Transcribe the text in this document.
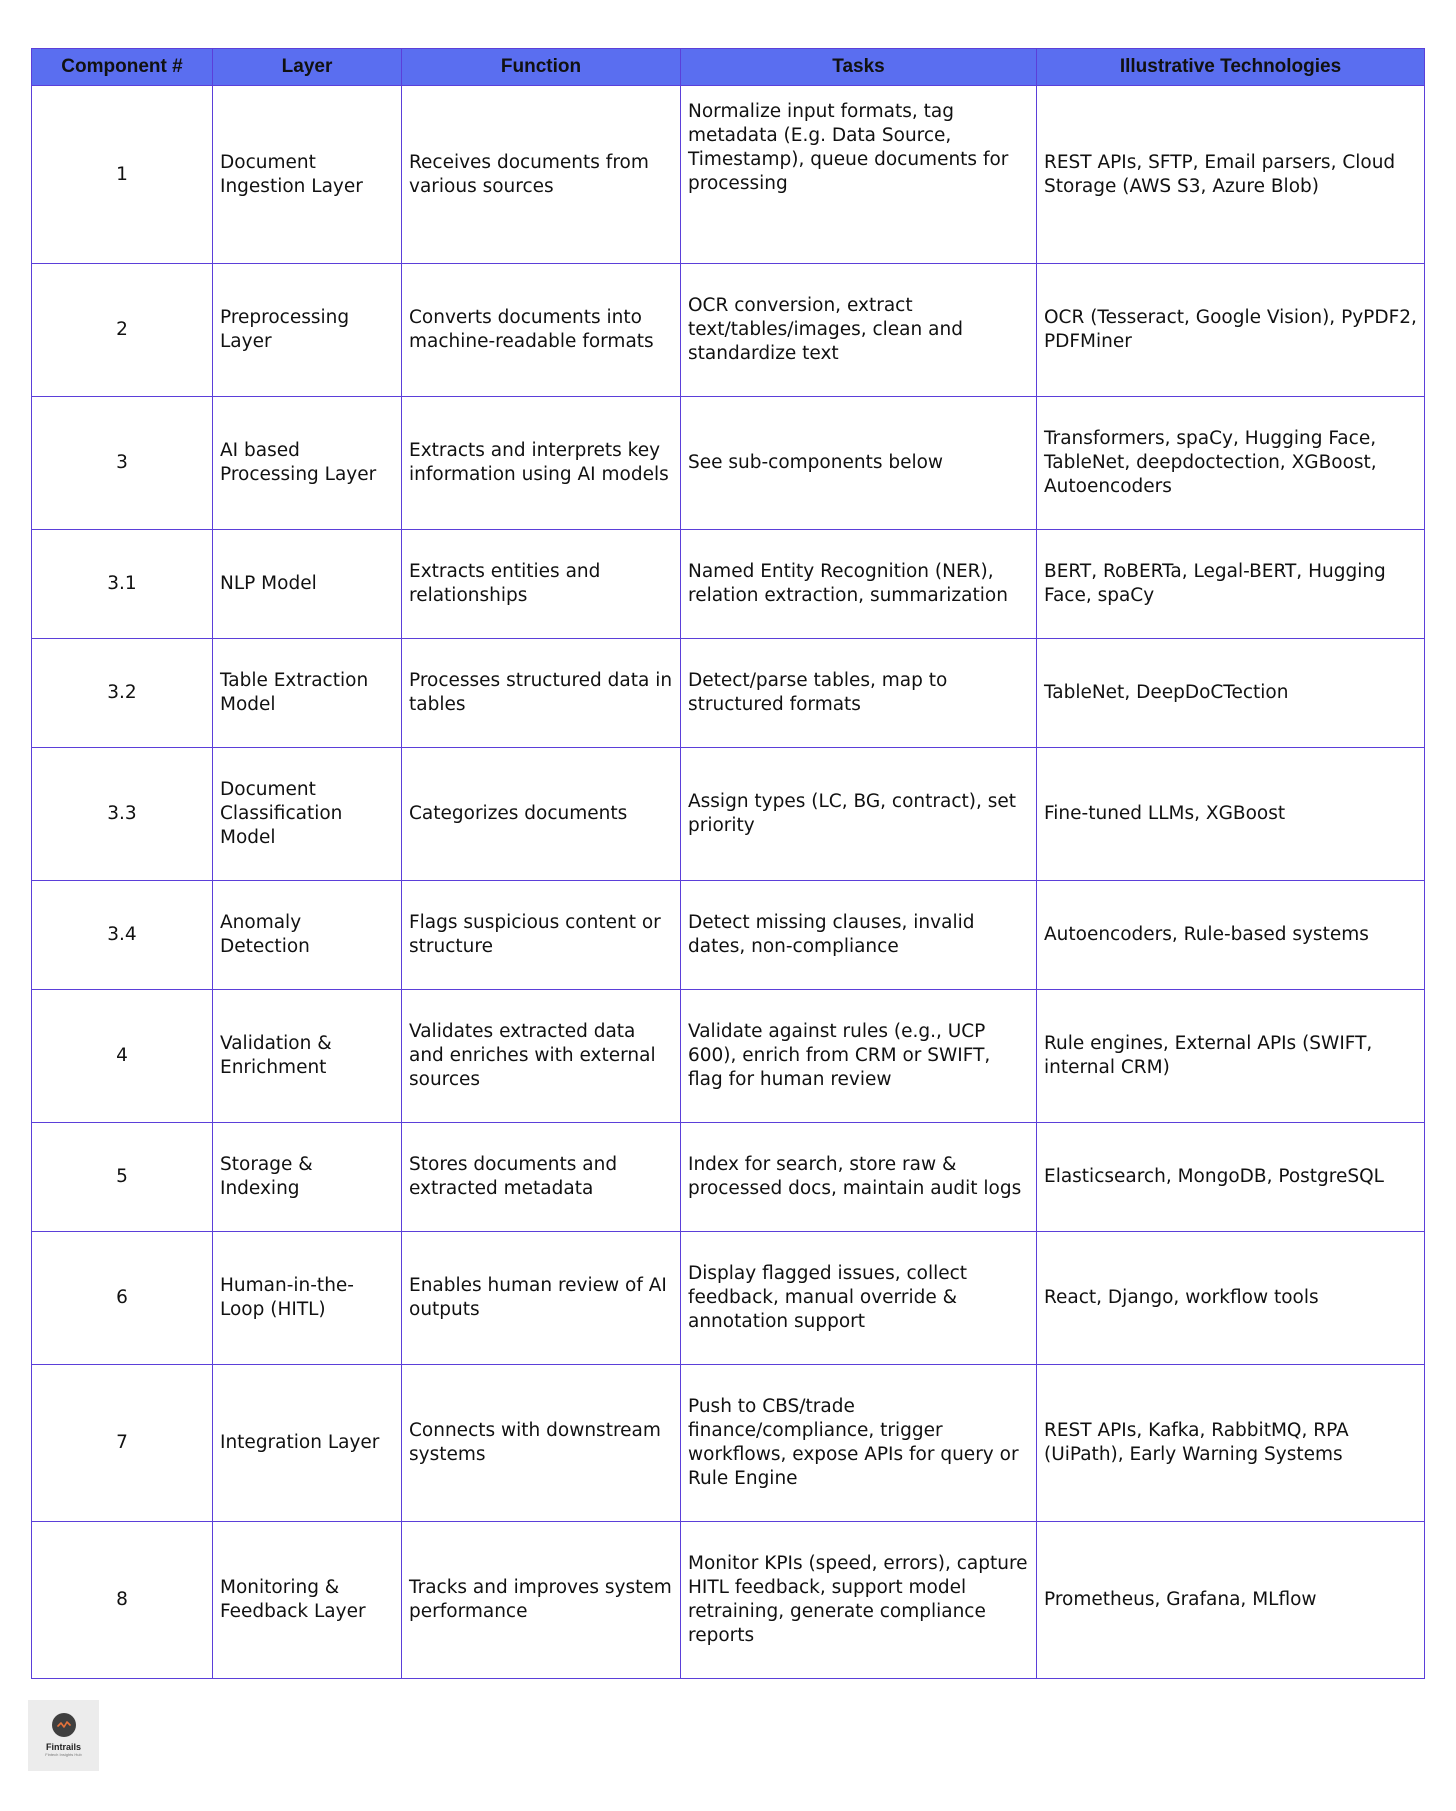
Component #	Layer	Function	Tasks	Illustrative Technologies
1	Document Ingestion Layer	Receives documents from various sources	Normalize input formats, tag metadata (E.g. Data Source, Timestamp), queue documents for processing	REST APIs, SFTP, Email parsers, Cloud Storage (AWS S3, Azure Blob)
2	Preprocessing Layer	Converts documents into machine-readable formats	OCR conversion, extract text/tables/images, clean and standardize text	OCR (Tesseract, Google Vision), PyPDF2, PDFMiner
3	AI based Processing Layer	Extracts and interprets key information using AI models	See sub-components below	Transformers, spaCy, Hugging Face, TableNet, deepdoctection, XGBoost, Autoencoders
3.1	NLP Model	Extracts entities and relationships	Named Entity Recognition (NER), relation extraction, summarization	BERT, RoBERTa, Legal-BERT, Hugging Face, spaCy
3.2	Table Extraction Model	Processes structured data in tables	Detect/parse tables, map to structured formats	TableNet, DeepDoCTection
3.3	Document Classification Model	Categorizes documents	Assign types (LC, BG, contract), set priority	Fine-tuned LLMs, XGBoost
3.4	Anomaly Detection	Flags suspicious content or structure	Detect missing clauses, invalid dates, non-compliance	Autoencoders, Rule-based systems
4	Validation & Enrichment	Validates extracted data and enriches with external sources	Validate against rules (e.g., UCP 600), enrich from CRM or SWIFT, flag for human review	Rule engines, External APIs (SWIFT, internal CRM)
5	Storage & Indexing	Stores documents and extracted metadata	Index for search, store raw & processed docs, maintain audit logs	Elasticsearch, MongoDB, PostgreSQL
6	Human-in-the-Loop (HITL)	Enables human review of AI outputs	Display flagged issues, collect feedback, manual override & annotation support	React, Django, workflow tools
7	Integration Layer	Connects with downstream systems	Push to CBS/trade finance/compliance, trigger workflows, expose APIs for query or Rule Engine	REST APIs, Kafka, RabbitMQ, RPA (UiPath), Early Warning Systems
8	Monitoring & Feedback Layer	Tracks and improves system performance	Monitor KPIs (speed, errors), capture HITL feedback, support model retraining, generate compliance reports	Prometheus, Grafana, MLflow
Fintrails
Fintech Insights Hub
